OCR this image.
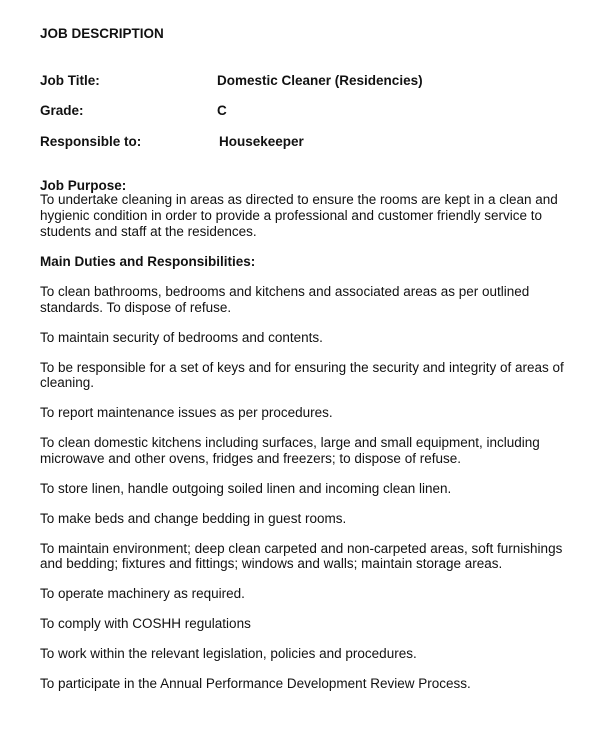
JOB DESCRIPTION
Job Title:	Domestic Cleaner (Residencies)
Grade:	C
Responsible to:	Housekeeper
Job Purpose:

To undertake cleaning in areas as directed to ensure the rooms are kept in a clean and hygienic condition in order to provide a professional and customer friendly service to students and staff at the residences.

Main Duties and Responsibilities:
To clean bathrooms, bedrooms and kitchens and associated areas as per outlined standards. To dispose of refuse.
To maintain security of bedrooms and contents.
To be responsible for a set of keys and for ensuring the security and integrity of areas of cleaning.
To report maintenance issues as per procedures.
To clean domestic kitchens including surfaces, large and small equipment, including microwave and other ovens, fridges and freezers; to dispose of refuse.
To store linen, handle outgoing soiled linen and incoming clean linen.
To make beds and change bedding in guest rooms.
To maintain environment; deep clean carpeted and non-carpeted areas, soft furnishings and bedding; fixtures and fittings; windows and walls; maintain storage areas.
To operate machinery as required.
To comply with COSHH regulations
To work within the relevant legislation, policies and procedures.
To participate in the Annual Performance Development Review Process.
